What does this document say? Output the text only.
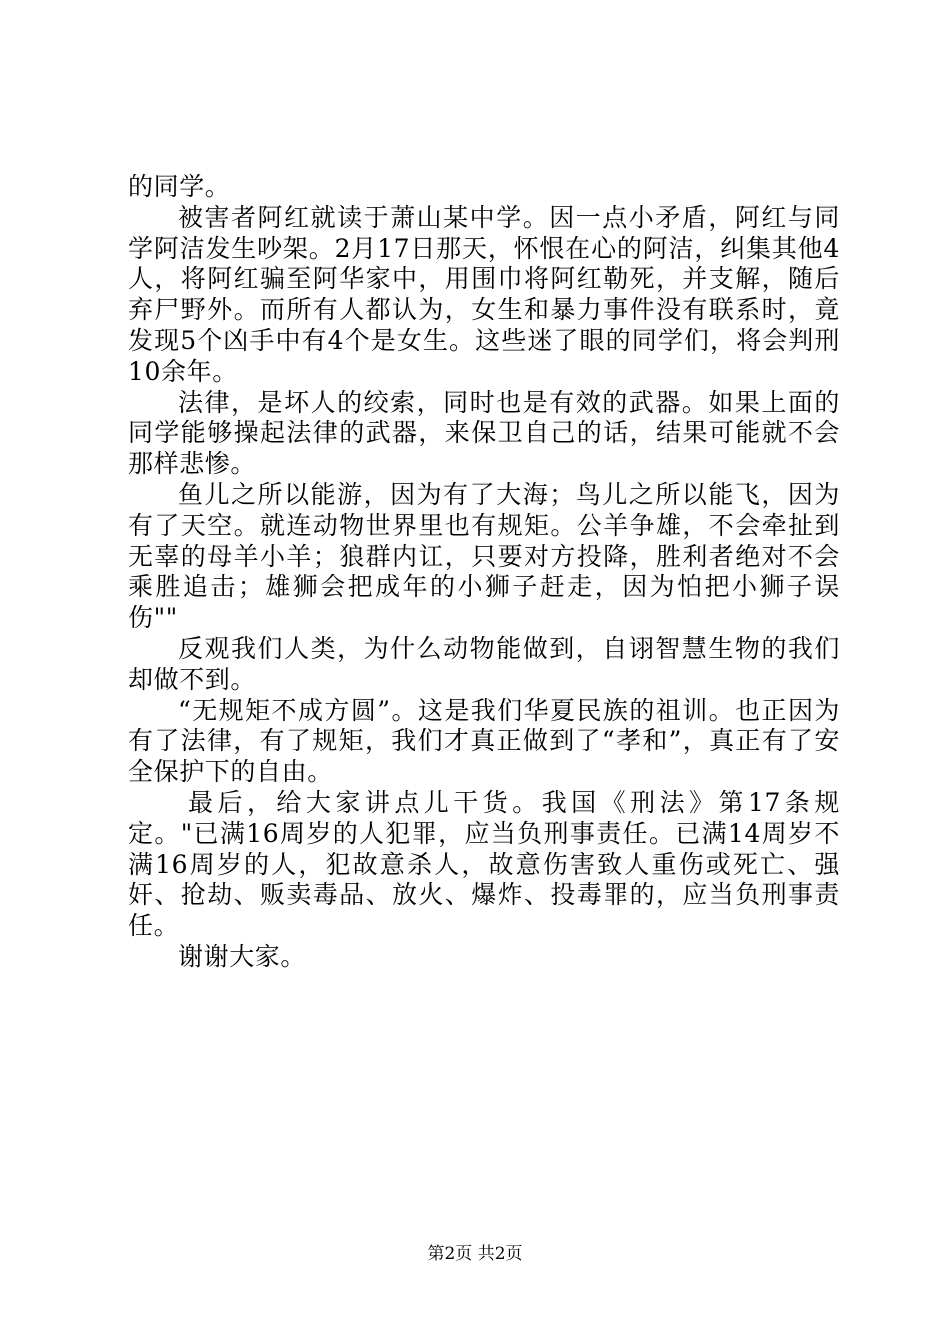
的同学。

被害者阿红就读于萧山某中学。因一点小矛盾，阿红与同学阿洁发生吵架。2月17日那天，怀恨在心的阿洁，纠集其他4人，将阿红骗至阿华家中，用围巾将阿红勒死，并支解，随后弃尸野外。而所有人都认为，女生和暴力事件没有联系时，竟发现5个凶手中有4个是女生。这些迷了眼的同学们，将会判刑10余年。

法律，是坏人的绞索，同时也是有效的武器。如果上面的同学能够操起法律的武器，来保卫自己的话，结果可能就不会那样悲惨。

鱼儿之所以能游，因为有了大海；鸟儿之所以能飞，因为有了天空。就连动物世界里也有规矩。公羊争雄，不会牵扯到无辜的母羊小羊；狼群内讧，只要对方投降，胜利者绝对不会乘胜追击；雄狮会把成年的小狮子赶走，因为怕把小狮子误伤""

反观我们人类，为什么动物能做到，自诩智慧生物的我们却做不到。

“无规矩不成方圆”。这是我们华夏民族的祖训。也正因为有了法律，有了规矩，我们才真正做到了“孝和”，真正有了安全保护下的自由。

最后，给大家讲点儿干货。我国《刑法》第17条规定。"已满16周岁的人犯罪，应当负刑事责任。已满14周岁不满16周岁的人，犯故意杀人，故意伤害致人重伤或死亡、强奸、抢劫、贩卖毒品、放火、爆炸、投毒罪的，应当负刑事责任。

谢谢大家。

第2页 共2页
